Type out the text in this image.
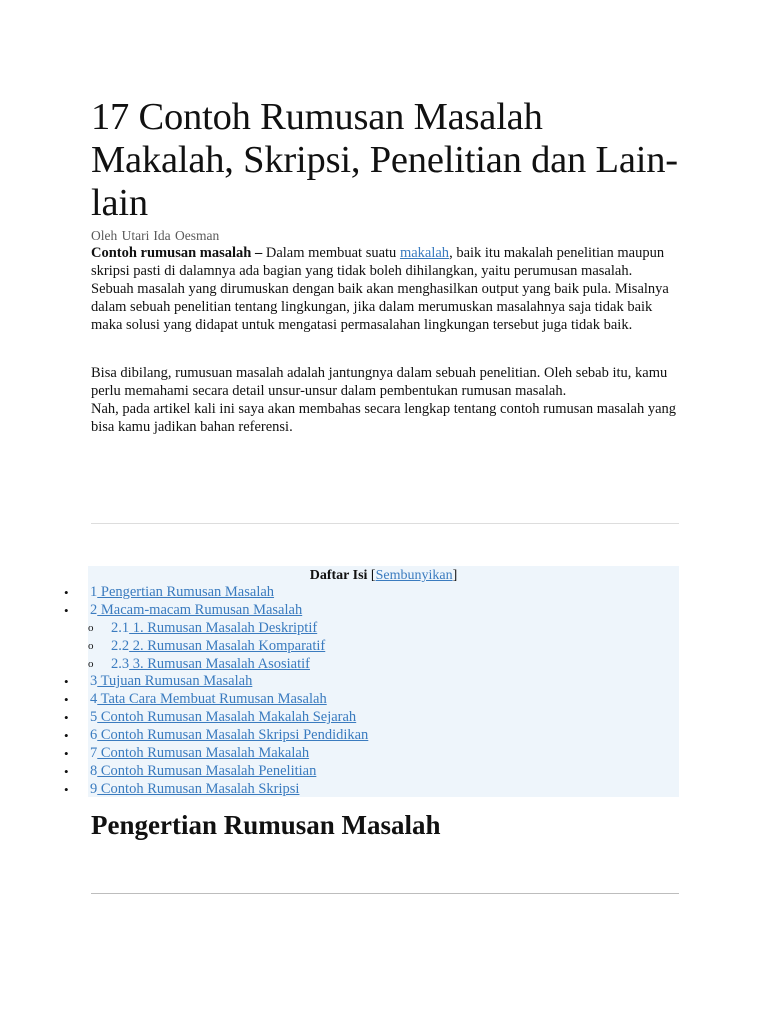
17 Contoh Rumusan Masalah Makalah, Skripsi, Penelitian dan Lain-lain
Oleh Utari Ida Oesman

Contoh rumusan masalah – Dalam membuat suatu makalah, baik itu makalah penelitian maupun skripsi pasti di dalamnya ada bagian yang tidak boleh dihilangkan, yaitu perumusan masalah.

Sebuah masalah yang dirumuskan dengan baik akan menghasilkan output yang baik pula. Misalnya dalam sebuah penelitian tentang lingkungan, jika dalam merumuskan masalahnya saja tidak baik maka solusi yang didapat untuk mengatasi permasalahan lingkungan tersebut juga tidak baik.

Bisa dibilang, rumusuan masalah adalah jantungnya dalam sebuah penelitian. Oleh sebab itu, kamu perlu memahami secara detail unsur-unsur dalam pembentukan rumusan masalah.

Nah, pada artikel kali ini saya akan membahas secara lengkap tentang contoh rumusan masalah yang bisa kamu jadikan bahan referensi.

Daftar Isi [Sembunyikan]
• 1 Pengertian Rumusan Masalah
• 2 Macam-macam Rumusan Masalah
o 2.1 1. Rumusan Masalah Deskriptif
o 2.2 2. Rumusan Masalah Komparatif
o 2.3 3. Rumusan Masalah Asosiatif
• 3 Tujuan Rumusan Masalah
• 4 Tata Cara Membuat Rumusan Masalah
• 5 Contoh Rumusan Masalah Makalah Sejarah
• 6 Contoh Rumusan Masalah Skripsi Pendidikan
• 7 Contoh Rumusan Masalah Makalah
• 8 Contoh Rumusan Masalah Penelitian
• 9 Contoh Rumusan Masalah Skripsi
Pengertian Rumusan Masalah
